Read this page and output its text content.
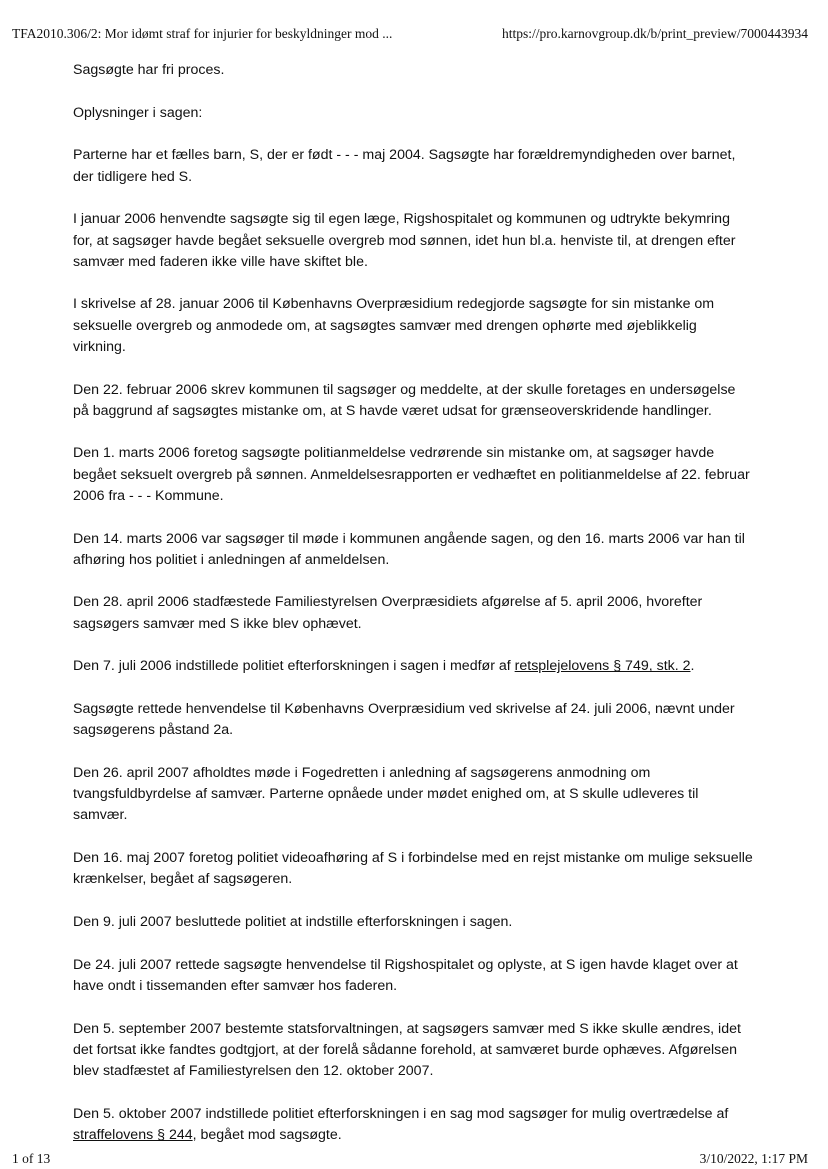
TFA2010.306/2: Mor idømt straf for injurier for beskyldninger mod ...	https://pro.karnovgroup.dk/b/print_preview/7000443934

Sagsøgte har fri proces.

Oplysninger i sagen:

Parterne har et fælles barn, S, der er født - - - maj 2004. Sagsøgte har forældremyndigheden over barnet, der tidligere hed S.

I januar 2006 henvendte sagsøgte sig til egen læge, Rigshospitalet og kommunen og udtrykte bekymring for, at sagsøger havde begået seksuelle overgreb mod sønnen, idet hun bl.a. henviste til, at drengen efter samvær med faderen ikke ville have skiftet ble.

I skrivelse af 28. januar 2006 til Københavns Overpræsidium redegjorde sagsøgte for sin mistanke om seksuelle overgreb og anmodede om, at sagsøgtes samvær med drengen ophørte med øjeblikkelig virkning.

Den 22. februar 2006 skrev kommunen til sagsøger og meddelte, at der skulle foretages en undersøgelse på baggrund af sagsøgtes mistanke om, at S havde været udsat for grænseoverskridende handlinger.

Den 1. marts 2006 foretog sagsøgte politianmeldelse vedrørende sin mistanke om, at sagsøger havde begået seksuelt overgreb på sønnen. Anmeldelsesrapporten er vedhæftet en politianmeldelse af 22. februar 2006 fra - - - Kommune.

Den 14. marts 2006 var sagsøger til møde i kommunen angående sagen, og den 16. marts 2006 var han til afhøring hos politiet i anledningen af anmeldelsen.

Den 28. april 2006 stadfæstede Familiestyrelsen Overpræsidiets afgørelse af 5. april 2006, hvorefter sagsøgers samvær med S ikke blev ophævet.

Den 7. juli 2006 indstillede politiet efterforskningen i sagen i medfør af retsplejelovens § 749, stk. 2.

Sagsøgte rettede henvendelse til Københavns Overpræsidium ved skrivelse af 24. juli 2006, nævnt under sagsøgerens påstand 2a.

Den 26. april 2007 afholdtes møde i Fogedretten i anledning af sagsøgerens anmodning om tvangsfuldbyrdelse af samvær. Parterne opnåede under mødet enighed om, at S skulle udleveres til samvær.

Den 16. maj 2007 foretog politiet videoafhøring af S i forbindelse med en rejst mistanke om mulige seksuelle krænkelser, begået af sagsøgeren.

Den 9. juli 2007 besluttede politiet at indstille efterforskningen i sagen.

De 24. juli 2007 rettede sagsøgte henvendelse til Rigshospitalet og oplyste, at S igen havde klaget over at have ondt i tissemanden efter samvær hos faderen.

Den 5. september 2007 bestemte statsforvaltningen, at sagsøgers samvær med S ikke skulle ændres, idet det fortsat ikke fandtes godtgjort, at der forelå sådanne forehold, at samværet burde ophæves. Afgørelsen blev stadfæstet af Familiestyrelsen den 12. oktober 2007.

Den 5. oktober 2007 indstillede politiet efterforskningen i en sag mod sagsøger for mulig overtrædelse af straffelovens § 244, begået mod sagsøgte.

1 of 13	3/10/2022, 1:17 PM
